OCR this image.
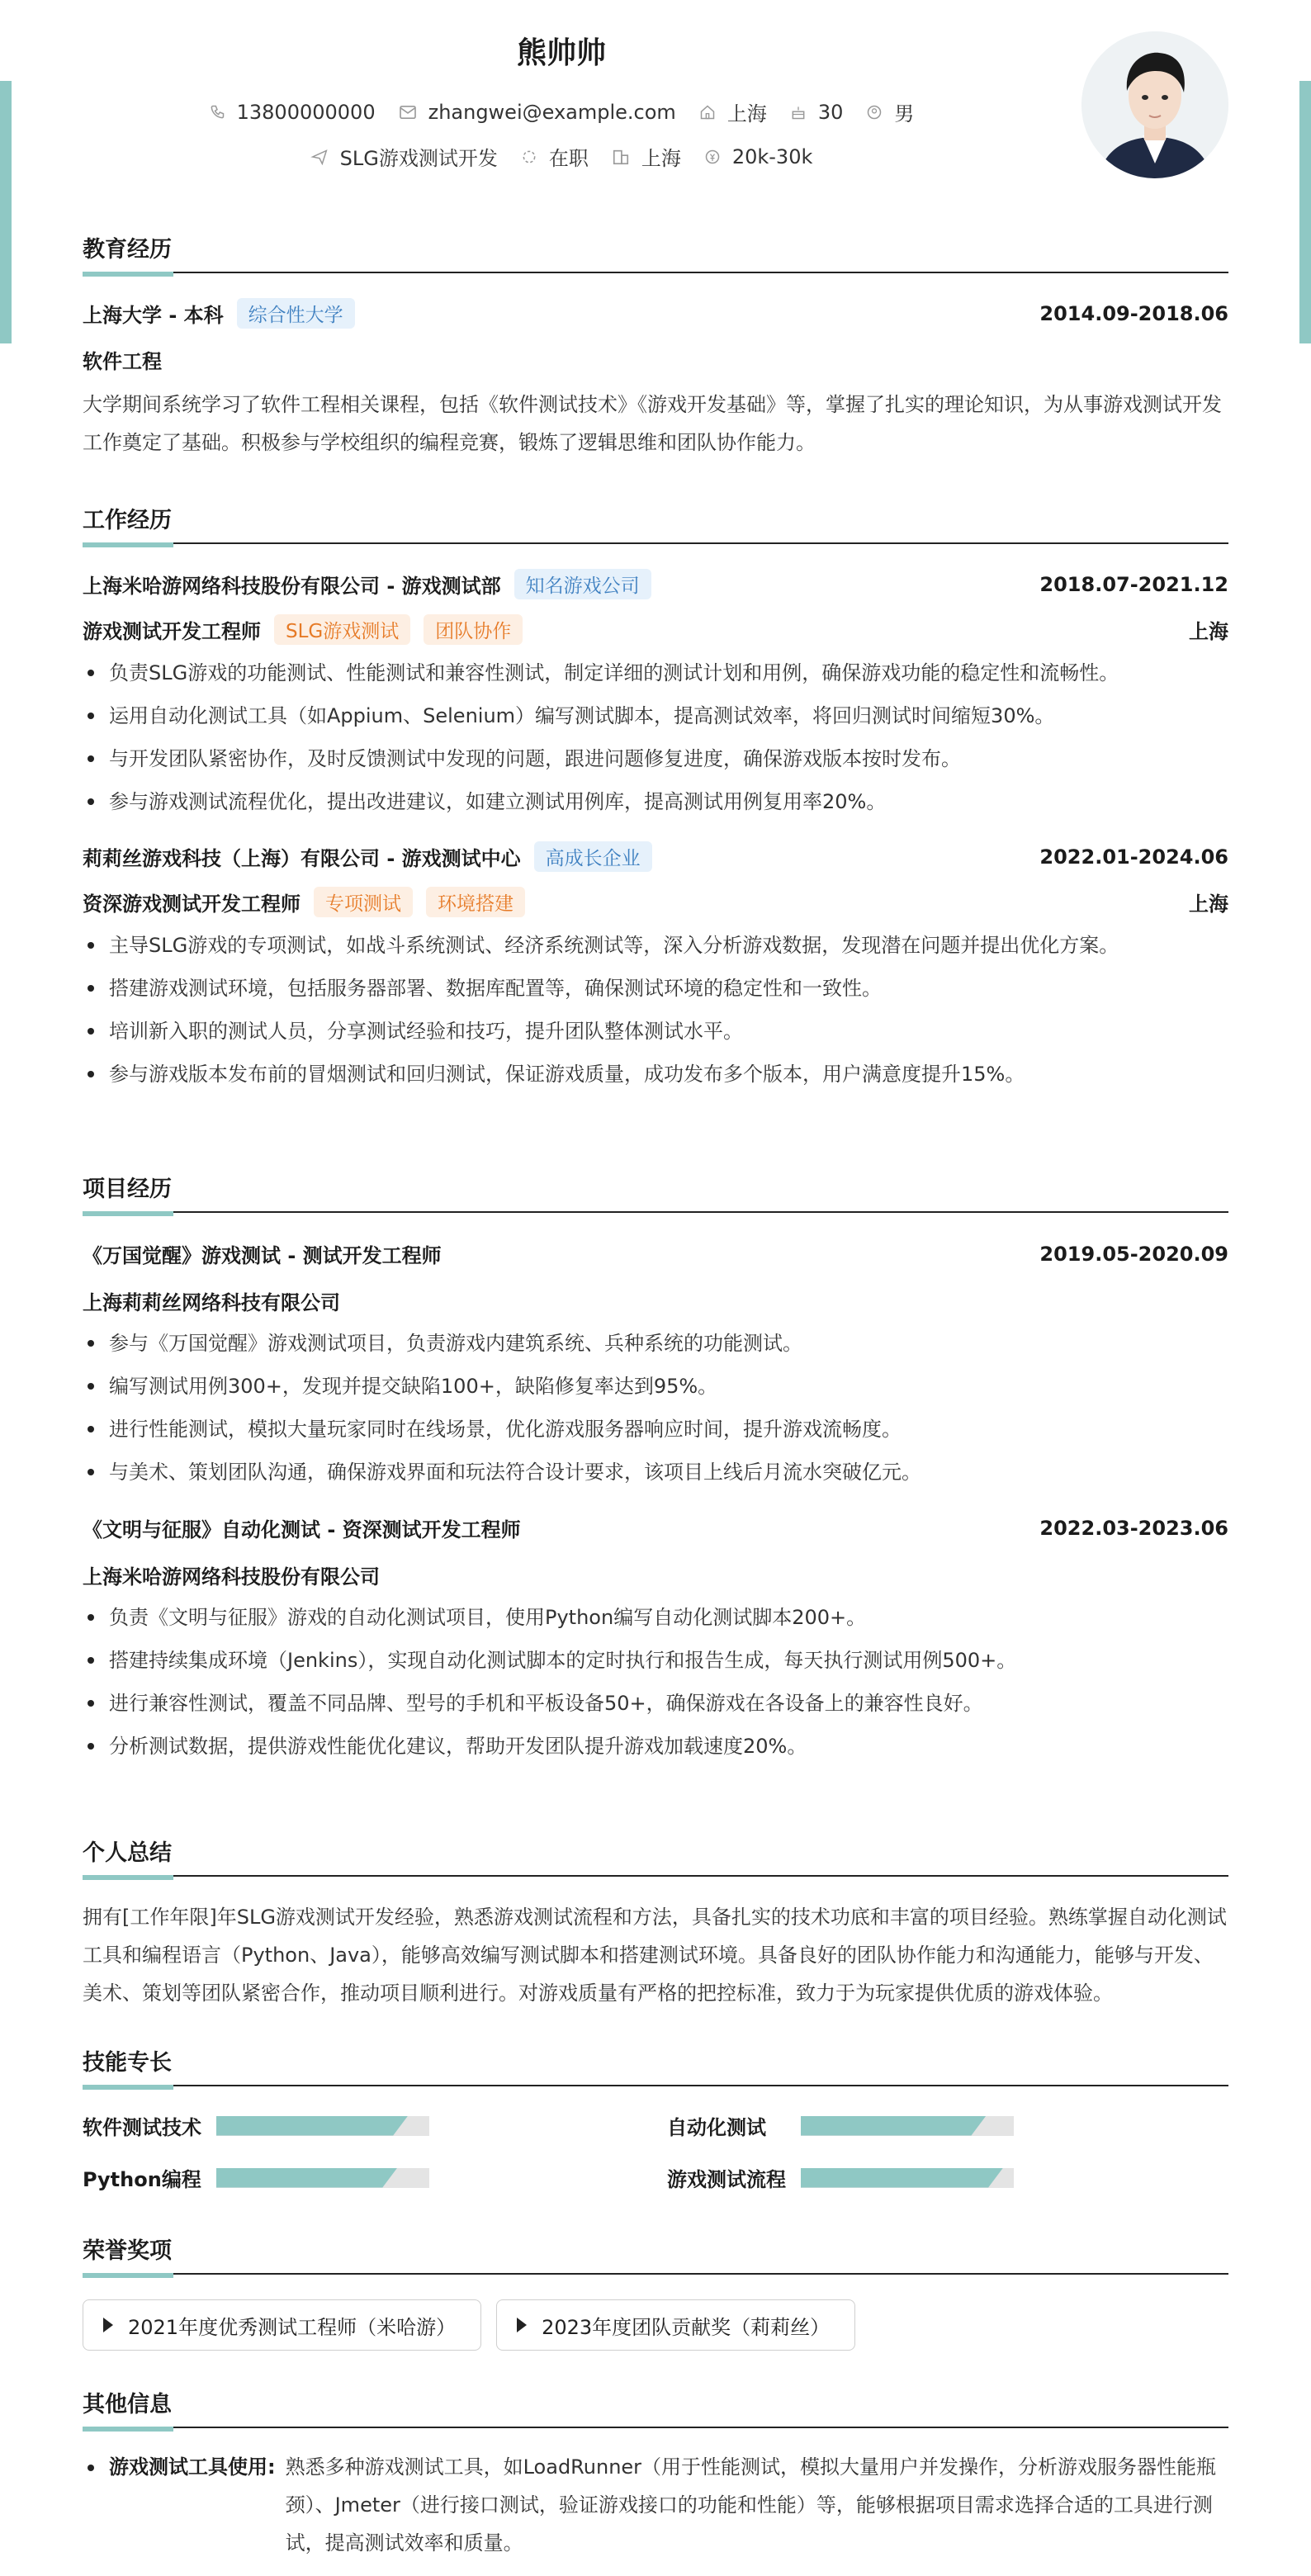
熊帅帅
13800000000	zhangwei@example.com	上海	30	男
SLG游戏测试开发	在职	上海	20k-30k
教育经历
上海大学 - 本科	综合性大学	2014.09-2018.06
软件工程
大学期间系统学习了软件工程相关课程，包括《软件测试技术》《游戏开发基础》等，掌握了扎实的理论知识，为从事游戏测试开发工作奠定了基础。积极参与学校组织的编程竞赛，锻炼了逻辑思维和团队协作能力。
工作经历
上海米哈游网络科技股份有限公司 - 游戏测试部	知名游戏公司	2018.07-2021.12
游戏测试开发工程师	SLG游戏测试	团队协作	上海
负责SLG游戏的功能测试、性能测试和兼容性测试，制定详细的测试计划和用例，确保游戏功能的稳定性和流畅性。
运用自动化测试工具（如Appium、Selenium）编写测试脚本，提高测试效率，将回归测试时间缩短30%。
与开发团队紧密协作，及时反馈测试中发现的问题，跟进问题修复进度，确保游戏版本按时发布。
参与游戏测试流程优化，提出改进建议，如建立测试用例库，提高测试用例复用率20%。
莉莉丝游戏科技（上海）有限公司 - 游戏测试中心	高成长企业	2022.01-2024.06
资深游戏测试开发工程师	专项测试	环境搭建	上海
主导SLG游戏的专项测试，如战斗系统测试、经济系统测试等，深入分析游戏数据，发现潜在问题并提出优化方案。
搭建游戏测试环境，包括服务器部署、数据库配置等，确保测试环境的稳定性和一致性。
培训新入职的测试人员，分享测试经验和技巧，提升团队整体测试水平。
参与游戏版本发布前的冒烟测试和回归测试，保证游戏质量，成功发布多个版本，用户满意度提升15%。
项目经历
《万国觉醒》游戏测试 - 测试开发工程师	2019.05-2020.09
上海莉莉丝网络科技有限公司
参与《万国觉醒》游戏测试项目，负责游戏内建筑系统、兵种系统的功能测试。
编写测试用例300+，发现并提交缺陷100+，缺陷修复率达到95%。
进行性能测试，模拟大量玩家同时在线场景，优化游戏服务器响应时间，提升游戏流畅度。
与美术、策划团队沟通，确保游戏界面和玩法符合设计要求，该项目上线后月流水突破亿元。
《文明与征服》自动化测试 - 资深测试开发工程师	2022.03-2023.06
上海米哈游网络科技股份有限公司
负责《文明与征服》游戏的自动化测试项目，使用Python编写自动化测试脚本200+。
搭建持续集成环境（Jenkins），实现自动化测试脚本的定时执行和报告生成，每天执行测试用例500+。
进行兼容性测试，覆盖不同品牌、型号的手机和平板设备50+，确保游戏在各设备上的兼容性良好。
分析测试数据，提供游戏性能优化建议，帮助开发团队提升游戏加载速度20%。
个人总结
拥有[工作年限]年SLG游戏测试开发经验，熟悉游戏测试流程和方法，具备扎实的技术功底和丰富的项目经验。熟练掌握自动化测试工具和编程语言（Python、Java），能够高效编写测试脚本和搭建测试环境。具备良好的团队协作能力和沟通能力，能够与开发、美术、策划等团队紧密合作，推动项目顺利进行。对游戏质量有严格的把控标准，致力于为玩家提供优质的游戏体验。
技能专长
软件测试技术	自动化测试
Python编程	游戏测试流程
荣誉奖项
2021年度优秀测试工程师（米哈游）	2023年度团队贡献奖（莉莉丝）
其他信息
游戏测试工具使用: 熟悉多种游戏测试工具，如LoadRunner（用于性能测试，模拟大量用户并发操作，分析游戏服务器性能瓶颈）、Jmeter（进行接口测试，验证游戏接口的功能和性能）等，能够根据项目需求选择合适的工具进行测试，提高测试效率和质量。
